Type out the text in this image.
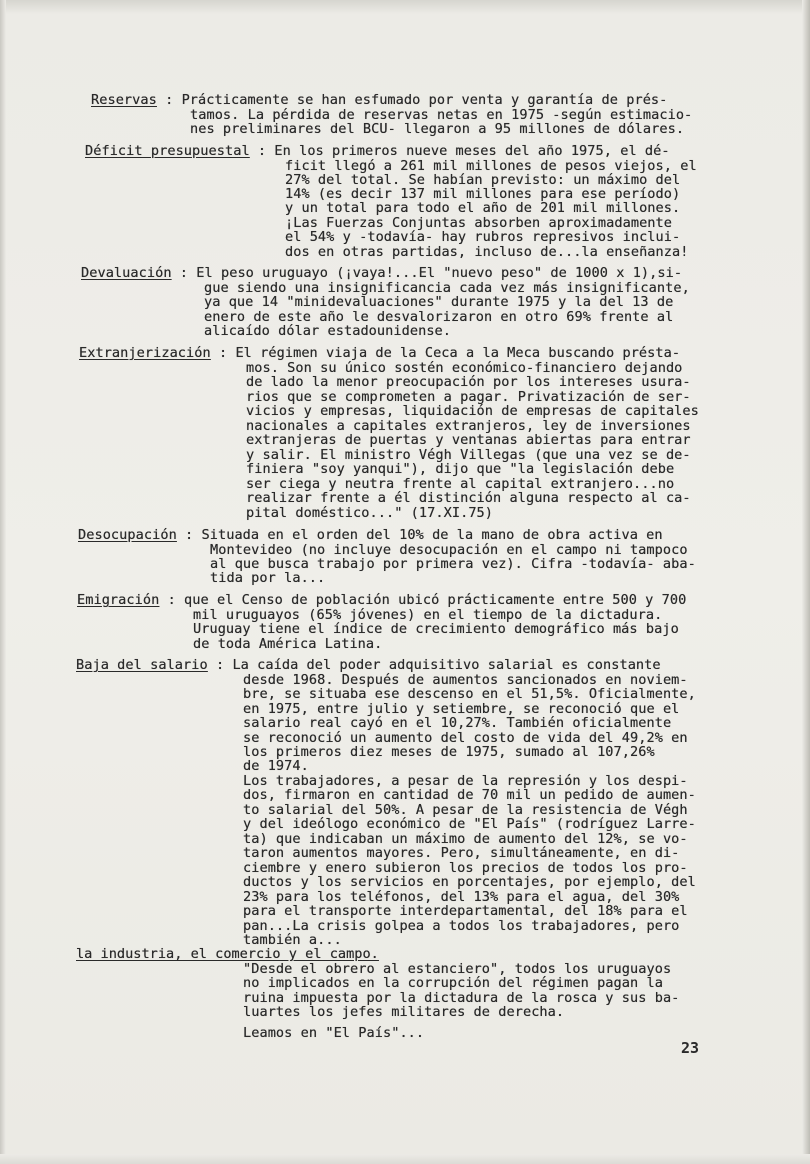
Reservas : Prácticamente se han esfumado por venta y garantía de prés-
tamos. La pérdida de reservas netas en 1975 -según estimacio-
nes preliminares del BCU- llegaron a 95 millones de dólares.
Déficit presupuestal : En los primeros nueve meses del año 1975, el dé-
ficit llegó a 261 mil millones de pesos viejos, el
27% del total. Se habían previsto: un máximo del
14% (es decir 137 mil millones para ese período)
y un total para todo el año de 201 mil millones.
¡Las Fuerzas Conjuntas absorben aproximadamente
el 54% y -todavía- hay rubros represivos inclui-
dos en otras partidas, incluso de...la enseñanza!
Devaluación : El peso uruguayo (¡vaya!...El "nuevo peso" de 1000 x 1),si-
gue siendo una insignificancia cada vez más insignificante,
ya que 14 "minidevaluaciones" durante 1975 y la del 13 de
enero de este año le desvalorizaron en otro 69% frente al
alicaído dólar estadounidense.
Extranjerización : El régimen viaja de la Ceca a la Meca buscando présta-
mos. Son su único sostén económico-financiero dejando
de lado la menor preocupación por los intereses usura-
rios que se comprometen a pagar. Privatización de ser-
vicios y empresas, liquidación de empresas de capitales
nacionales a capitales extranjeros, ley de inversiones
extranjeras de puertas y ventanas abiertas para entrar
y salir. El ministro Végh Villegas (que una vez se de-
finiera "soy yanqui"), dijo que "la legislación debe
ser ciega y neutra frente al capital extranjero...no
realizar frente a él distinción alguna respecto al ca-
pital doméstico..." (17.XI.75)
Desocupación : Situada en el orden del 10% de la mano de obra activa en
Montevideo (no incluye desocupación en el campo ni tampoco
al que busca trabajo por primera vez). Cifra -todavía- aba-
tida por la...
Emigración : que el Censo de población ubicó prácticamente entre 500 y 700
mil uruguayos (65% jóvenes) en el tiempo de la dictadura.
Uruguay tiene el índice de crecimiento demográfico más bajo
de toda América Latina.
Baja del salario : La caída del poder adquisitivo salarial es constante
desde 1968. Después de aumentos sancionados en noviem-
bre, se situaba ese descenso en el 51,5%. Oficialmente,
en 1975, entre julio y setiembre, se reconoció que el
salario real cayó en el 10,27%. También oficialmente
se reconoció un aumento del costo de vida del 49,2% en
los primeros diez meses de 1975, sumado al 107,26%
de 1974.
Los trabajadores, a pesar de la represión y los despi-
dos, firmaron en cantidad de 70 mil un pedido de aumen-
to salarial del 50%. A pesar de la resistencia de Végh
y del ideólogo económico de "El País" (rodríguez Larre-
ta) que indicaban un máximo de aumento del 12%, se vo-
taron aumentos mayores. Pero, simultáneamente, en di-
ciembre y enero subieron los precios de todos los pro-
ductos y los servicios en porcentajes, por ejemplo, del
23% para los teléfonos, del 13% para el agua, del 30%
para el transporte interdepartamental, del 18% para el
pan...La crisis golpea a todos los trabajadores, pero
también a...
la industria, el comercio y el campo.
"Desde el obrero al estanciero", todos los uruguayos
no implicados en la corrupción del régimen pagan la
ruina impuesta por la dictadura de la rosca y sus ba-
luartes los jefes militares de derecha.
Leamos en "El País"...
23
